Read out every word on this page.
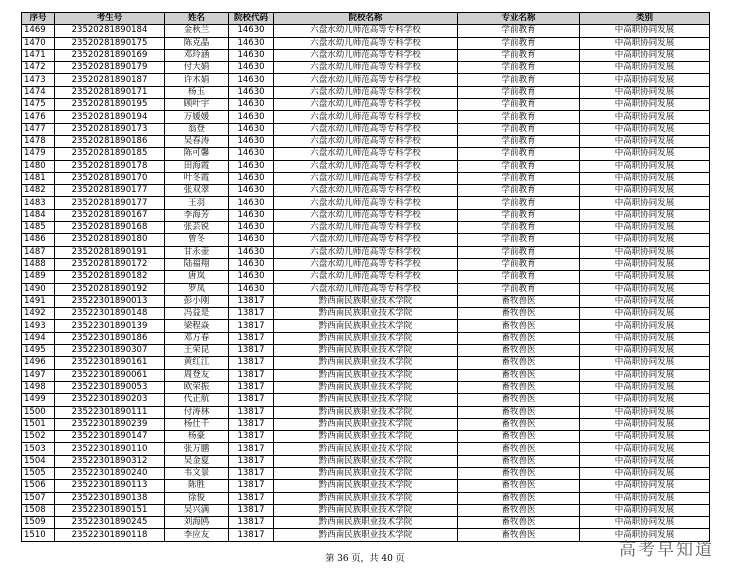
序号	考生号	姓名	院校代码	院校名称	专业名称	类别
1469	23520281890184	金秋兰	14630	六盘水幼儿师范高等专科学校	学前教育	中高职协同发展
1470	23520281890175	陈克晶	14630	六盘水幼儿师范高等专科学校	学前教育	中高职协同发展
1471	23520281890169	邓玲涵	14630	六盘水幼儿师范高等专科学校	学前教育	中高职协同发展
1472	23520281890179	付大娟	14630	六盘水幼儿师范高等专科学校	学前教育	中高职协同发展
1473	23520281890187	许木娟	14630	六盘水幼儿师范高等专科学校	学前教育	中高职协同发展
1474	23520281890171	杨玉	14630	六盘水幼儿师范高等专科学校	学前教育	中高职协同发展
1475	23520281890195	顾叶宇	14630	六盘水幼儿师范高等专科学校	学前教育	中高职协同发展
1476	23520281890194	万媛媛	14630	六盘水幼儿师范高等专科学校	学前教育	中高职协同发展
1477	23520281890173	翁登	14630	六盘水幼儿师范高等专科学校	学前教育	中高职协同发展
1478	23520281890186	吴春涛	14630	六盘水幼儿师范高等专科学校	学前教育	中高职协同发展
1479	23520281890185	陈可馨	14630	六盘水幼儿师范高等专科学校	学前教育	中高职协同发展
1480	23520281890178	田海霞	14630	六盘水幼儿师范高等专科学校	学前教育	中高职协同发展
1481	23520281890170	叶冬霞	14630	六盘水幼儿师范高等专科学校	学前教育	中高职协同发展
1482	23520281890177	张双翠	14630	六盘水幼儿师范高等专科学校	学前教育	中高职协同发展
1483	23520281890177	王羽	14630	六盘水幼儿师范高等专科学校	学前教育	中高职协同发展
1484	23520281890167	李海芳	14630	六盘水幼儿师范高等专科学校	学前教育	中高职协同发展
1485	23520281890168	张芸锐	14630	六盘水幼儿师范高等专科学校	学前教育	中高职协同发展
1486	23520281890180	曾冬	14630	六盘水幼儿师范高等专科学校	学前教育	中高职协同发展
1487	23520281890191	甘永壶	14630	六盘水幼儿师范高等专科学校	学前教育	中高职协同发展
1488	23520281890172	陆福翔	14630	六盘水幼儿师范高等专科学校	学前教育	中高职协同发展
1489	23520281890182	唐岚	14630	六盘水幼儿师范高等专科学校	学前教育	中高职协同发展
1490	23520281890192	罗凤	14630	六盘水幼儿师范高等专科学校	学前教育	中高职协同发展
1491	23522301890013	彭小刚	13817	黔西南民族职业技术学院	畜牧兽医	中高职协同发展
1492	23522301890148	冯益是	13817	黔西南民族职业技术学院	畜牧兽医	中高职协同发展
1493	23522301890139	梁程焱	13817	黔西南民族职业技术学院	畜牧兽医	中高职协同发展
1494	23522301890186	邓万春	13817	黔西南民族职业技术学院	畜牧兽医	中高职协同发展
1495	23522301890307	王荣昆	13817	黔西南民族职业技术学院	畜牧兽医	中高职协同发展
1496	23522301890161	黄红江	13817	黔西南民族职业技术学院	畜牧兽医	中高职协同发展
1497	23522301890061	周登友	13817	黔西南民族职业技术学院	畜牧兽医	中高职协同发展
1498	23522301890053	欧荣振	13817	黔西南民族职业技术学院	畜牧兽医	中高职协同发展
1499	23522301890203	代正航	13817	黔西南民族职业技术学院	畜牧兽医	中高职协同发展
1500	23522301890111	付涛林	13817	黔西南民族职业技术学院	畜牧兽医	中高职协同发展
1501	23522301890239	杨仕千	13817	黔西南民族职业技术学院	畜牧兽医	中高职协同发展
1502	23522301890147	杨豪	13817	黔西南民族职业技术学院	畜牧兽医	中高职协同发展
1503	23522301890110	张万鹏	13817	黔西南民族职业技术学院	畜牧兽医	中高职协同发展
1504	23522301890312	吴金夏	13817	黔西南民族职业技术学院	畜牧兽医	中高职协同发展
1505	23522301890240	韦文景	13817	黔西南民族职业技术学院	畜牧兽医	中高职协同发展
1506	23522301890113	陈胜	13817	黔西南民族职业技术学院	畜牧兽医	中高职协同发展
1507	23522301890138	徐俊	13817	黔西南民族职业技术学院	畜牧兽医	中高职协同发展
1508	23522301890151	吴兴满	13817	黔西南民族职业技术学院	畜牧兽医	中高职协同发展
1509	23522301890245	刘海鸥	13817	黔西南民族职业技术学院	畜牧兽医	中高职协同发展
1510	23522301890118	李应友	13817	黔西南民族职业技术学院	畜牧兽医	中高职协同发展
第 36 页，共 40 页	高考早知道
